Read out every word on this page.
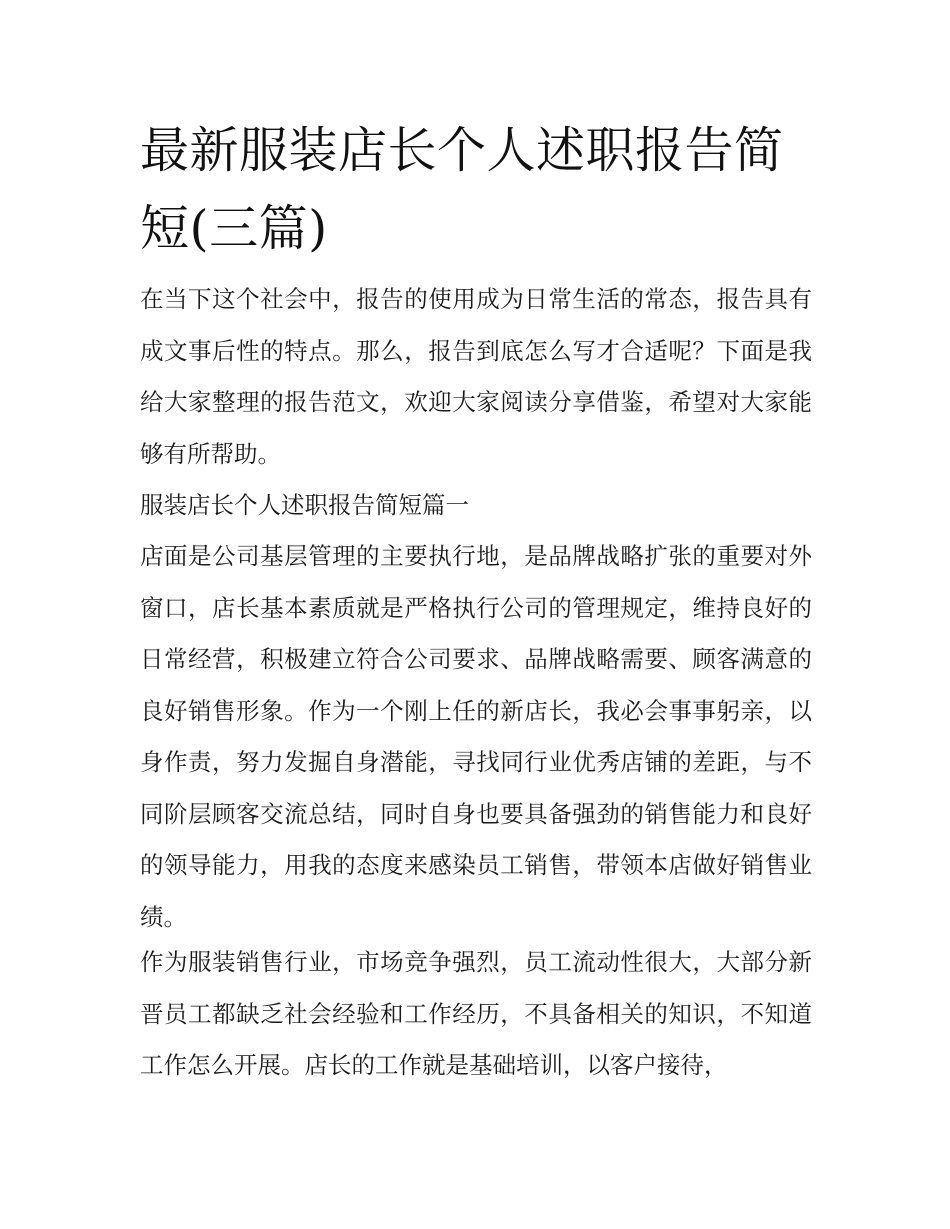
最新服装店长个人述职报告简短(三篇)

在当下这个社会中，报告的使用成为日常生活的常态，报告具有成文事后性的特点。那么，报告到底怎么写才合适呢？下面是我给大家整理的报告范文，欢迎大家阅读分享借鉴，希望对大家能够有所帮助。

服装店长个人述职报告简短篇一

店面是公司基层管理的主要执行地，是品牌战略扩张的重要对外窗口，店长基本素质就是严格执行公司的管理规定，维持良好的日常经营，积极建立符合公司要求、品牌战略需要、顾客满意的良好销售形象。作为一个刚上任的新店长，我必会事事躬亲，以身作责，努力发掘自身潜能，寻找同行业优秀店铺的差距，与不同阶层顾客交流总结，同时自身也要具备强劲的销售能力和良好的领导能力，用我的态度来感染员工销售，带领本店做好销售业绩。

作为服装销售行业，市场竞争强烈，员工流动性很大，大部分新晋员工都缺乏社会经验和工作经历，不具备相关的知识，不知道工作怎么开展。店长的工作就是基础培训，以客户接待，
